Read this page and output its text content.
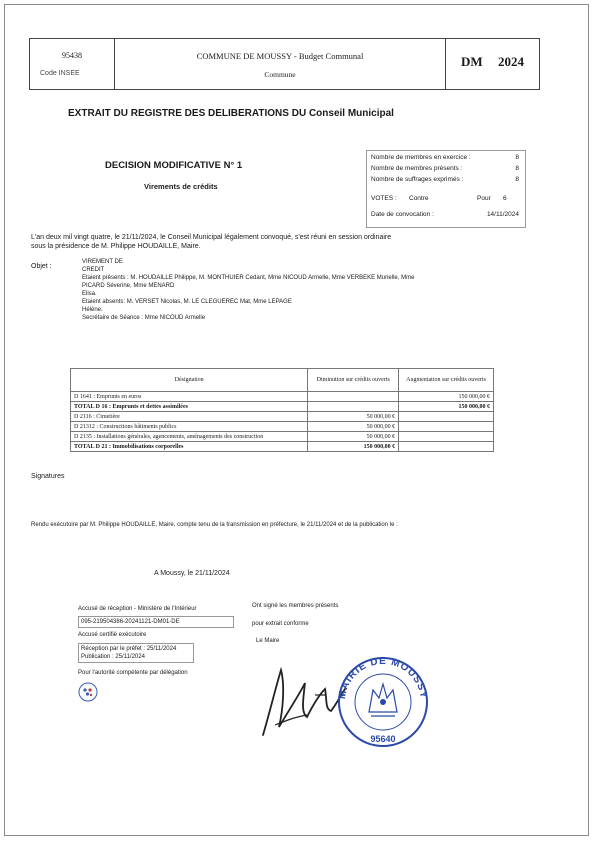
95438
Code INSEE
COMMUNE DE MOUSSY - Budget Communal
Commune
DM 2024
EXTRAIT DU REGISTRE DES DELIBERATIONS DU Conseil Municipal
DECISION MODIFICATIVE N° 1
Virements de crédits
Nombre de membres en exercice :	8
Nombre de membres présents :	8
Nombre de suffrages exprimés :	8
VOTES : Contre	Pour 6
Date de convocation :	14/11/2024
L'an deux mil vingt quatre, le 21/11/2024, le Conseil Municipal légalement convoqué, s'est réuni en session ordinaire
sous la présidence de M. Philippe HOUDAILLE, Maire.
Objet :
VIREMENT DE
CREDIT
Etaient présents : M. HOUDAILLE Philippe, M. MONTHUIER Cedant, Mme NICOUD Armelle, Mme VERBEKE Murielle, Mme
PICARD Séverine, Mme MENARD
Elisa.
Etaient absents: M. VERSET Nicolas, M. LE CLEGUEREC Mat, Mme LEPAGE
Hélène.
Secrétaire de Séance : Mme NICOUD Armelle
Désignation	Diminution sur crédits ouverts	Augmentation sur crédits ouverts
D 1641 : Emprunts en euros		150 000,00 €
TOTAL D 16 : Emprunts et dettes assimilées		150 000,00 €
D 2116 : Cimetière	50 000,00 €	
D 21312 : Constructions bâtiments publics	50 000,00 €	
D 2135 : Installations générales, agencements, aménagements des construction	50 000,00 €	
TOTAL D 21 : Immobilisations corporelles	150 000,00 €	
Signatures
Rendu exécutoire par M. Philippe HOUDAILLE, Maire, compte tenu de la transmission en préfecture, le 21/11/2024 et de la publication le :
A Moussy, le 21/11/2024
Accusé de réception - Ministère de l'Intérieur
095-219504386-20241121-DM01-DE
Accusé certifié exécutoire
Réception par le préfet : 25/11/2024
Publication : 25/11/2024
Pour l'autorité compétente par délégation
Ont signé les membres présents
pour extrait conforme
Le Maire
MAIRIE DE MOUSSY
95640
